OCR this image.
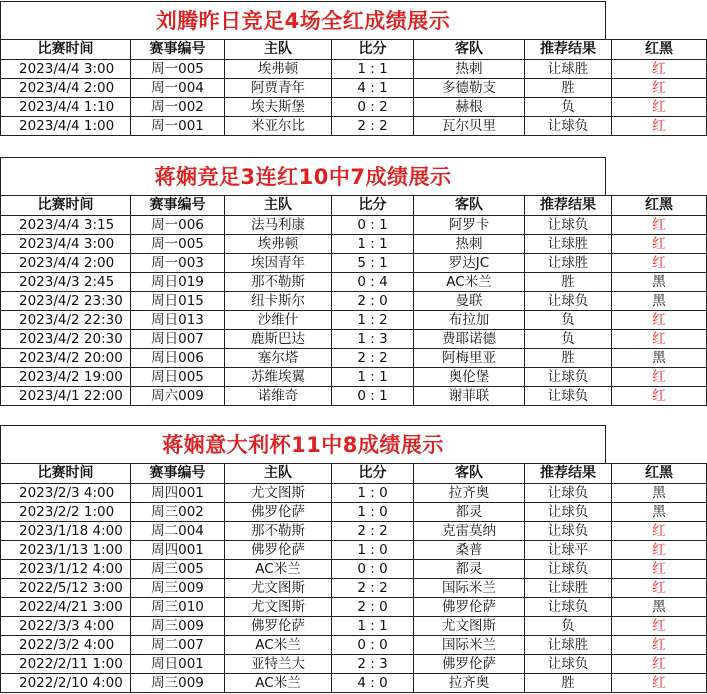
刘腾昨日竞足4场全红成绩展示
比赛时间	赛事编号	主队	比分	客队	推荐结果	红黑
2023/4/4 3:00	周一005	埃弗顿	1 : 1	热刺	让球胜	红
2023/4/4 2:00	周一004	阿贾青年	4 : 1	多德勒支	胜	红
2023/4/4 1:10	周一002	埃夫斯堡	0 : 2	赫根	负	红
2023/4/4 1:00	周一001	米亚尔比	2 : 2	瓦尔贝里	让球负	红
蒋娴竞足3连红10中7成绩展示
比赛时间	赛事编号	主队	比分	客队	推荐结果	红黑
2023/4/4 3:15	周一006	法马利康	0 : 1	阿罗卡	让球负	红
2023/4/4 3:00	周一005	埃弗顿	1 : 1	热刺	让球胜	红
2023/4/4 2:00	周一003	埃因青年	5 : 1	罗达JC	让球胜	红
2023/4/3 2:45	周日019	那不勒斯	0 : 4	AC米兰	胜	黑
2023/4/2 23:30	周日015	纽卡斯尔	2 : 0	曼联	让球负	黑
2023/4/2 22:30	周日013	沙维什	1 : 2	布拉加	负	红
2023/4/2 20:30	周日007	鹿斯巴达	1 : 3	费耶诺德	负	红
2023/4/2 20:00	周日006	塞尔塔	2 : 2	阿梅里亚	胜	黑
2023/4/2 19:00	周日005	苏维埃翼	1 : 1	奥伦堡	让球负	红
2023/4/1 22:00	周六009	诺维奇	0 : 1	谢菲联	让球负	红
蒋娴意大利杯11中8成绩展示
比赛时间	赛事编号	主队	比分	客队	推荐结果	红黑
2023/2/3 4:00	周四001	尤文图斯	1 : 0	拉齐奥	让球负	黑
2023/2/2 1:00	周三002	佛罗伦萨	1 : 0	都灵	让球负	黑
2023/1/18 4:00	周二004	那不勒斯	2 : 2	克雷莫纳	让球负	红
2023/1/13 1:00	周四001	佛罗伦萨	1 : 0	桑普	让球平	红
2023/1/12 4:00	周三005	AC米兰	0 : 0	都灵	让球负	红
2022/5/12 3:00	周三009	尤文图斯	2 : 2	国际米兰	让球胜	红
2022/4/21 3:00	周三010	尤文图斯	2 : 0	佛罗伦萨	让球负	黑
2022/3/3 4:00	周三009	佛罗伦萨	1 : 1	尤文图斯	负	红
2022/3/2 4:00	周二007	AC米兰	0 : 0	国际米兰	让球胜	红
2022/2/11 1:00	周日001	亚特兰大	2 : 3	佛罗伦萨	让球负	红
2022/2/10 4:00	周三009	AC米兰	4 : 0	拉齐奥	胜	红
